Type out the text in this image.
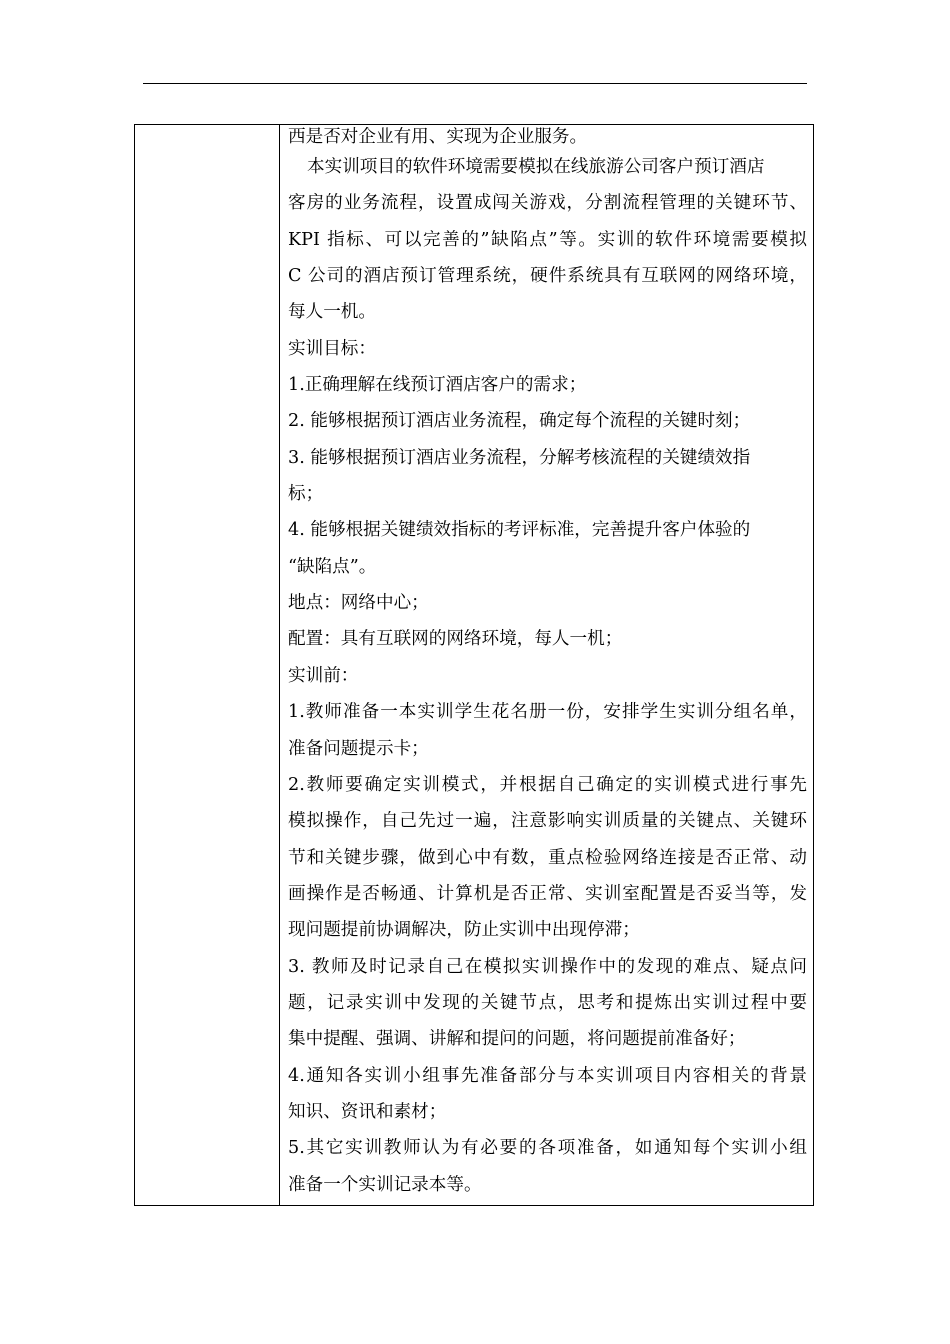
西是否对企业有用、实现为企业服务。
本实训项目的软件环境需要模拟在线旅游公司客户预订酒店
客房的业务流程，设置成闯关游戏，分割流程管理的关键环节、
KPI 指标、可以完善的”缺陷点”等。实训的软件环境需要模拟
C 公司的酒店预订管理系统，硬件系统具有互联网的网络环境，
每人一机。
实训目标：
1.正确理解在线预订酒店客户的需求；
2. 能够根据预订酒店业务流程，确定每个流程的关键时刻；
3. 能够根据预订酒店业务流程，分解考核流程的关键绩效指
标；
4. 能够根据关键绩效指标的考评标准，完善提升客户体验的
“缺陷点”。
地点：网络中心；
配置：具有互联网的网络环境，每人一机；
实训前：
1.教师准备一本实训学生花名册一份，安排学生实训分组名单，
准备问题提示卡；
2.教师要确定实训模式，并根据自己确定的实训模式进行事先
模拟操作，自己先过一遍，注意影响实训质量的关键点、关键环
节和关键步骤，做到心中有数，重点检验网络连接是否正常、动
画操作是否畅通、计算机是否正常、实训室配置是否妥当等，发
现问题提前协调解决，防止实训中出现停滞；
3. 教师及时记录自己在模拟实训操作中的发现的难点、疑点问
题，记录实训中发现的关键节点，思考和提炼出实训过程中要
集中提醒、强调、讲解和提问的问题，将问题提前准备好；
4.通知各实训小组事先准备部分与本实训项目内容相关的背景
知识、资讯和素材；
5.其它实训教师认为有必要的各项准备，如通知每个实训小组
准备一个实训记录本等。
